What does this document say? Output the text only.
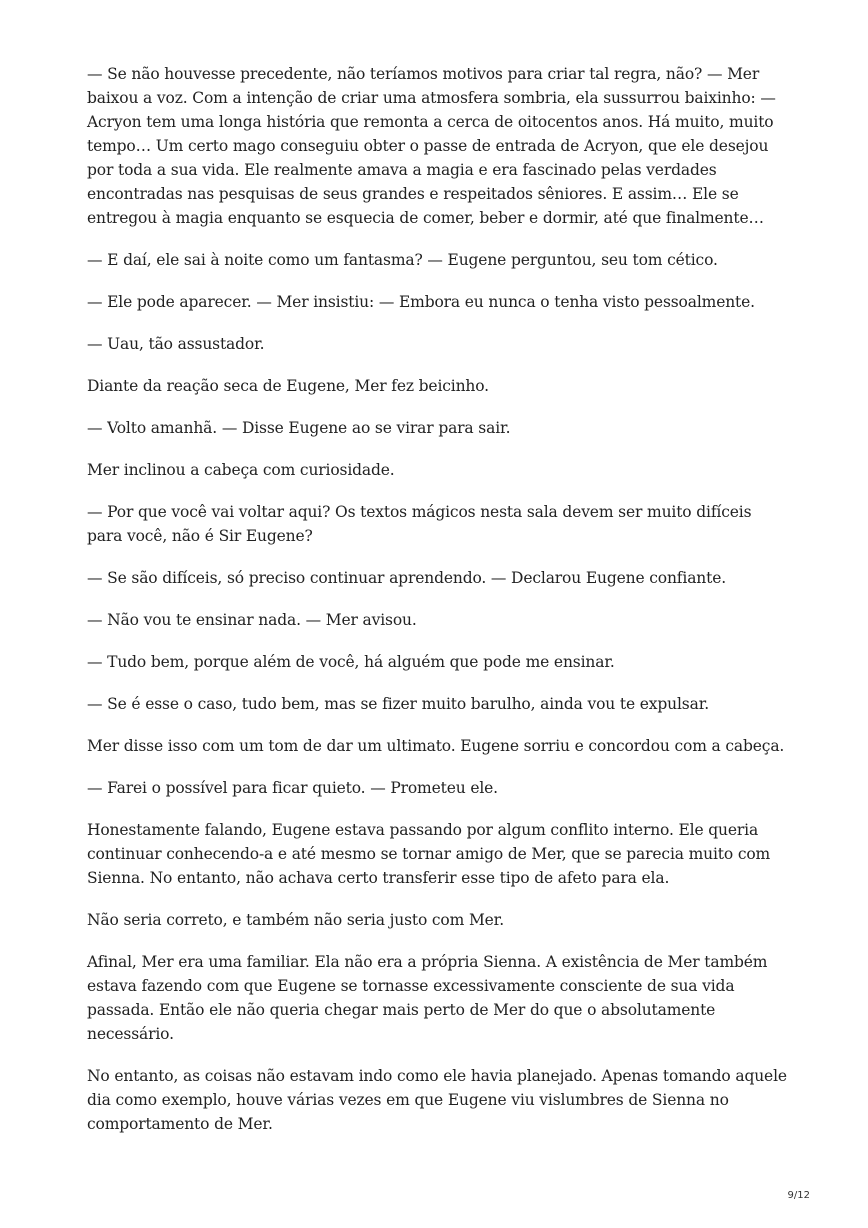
— Se não houvesse precedente, não teríamos motivos para criar tal regra, não? — Mer baixou a voz. Com a intenção de criar uma atmosfera sombria, ela sussurrou baixinho: — Acryon tem uma longa história que remonta a cerca de oitocentos anos. Há muito, muito tempo… Um certo mago conseguiu obter o passe de entrada de Acryon, que ele desejou por toda a sua vida. Ele realmente amava a magia e era fascinado pelas verdades encontradas nas pesquisas de seus grandes e respeitados sêniores. E assim… Ele se entregou à magia enquanto se esquecia de comer, beber e dormir, até que finalmente…

— E daí, ele sai à noite como um fantasma? — Eugene perguntou, seu tom cético.

— Ele pode aparecer. — Mer insistiu: — Embora eu nunca o tenha visto pessoalmente.

— Uau, tão assustador.

Diante da reação seca de Eugene, Mer fez beicinho.

— Volto amanhã. — Disse Eugene ao se virar para sair.

Mer inclinou a cabeça com curiosidade.

— Por que você vai voltar aqui? Os textos mágicos nesta sala devem ser muito difíceis para você, não é Sir Eugene?

— Se são difíceis, só preciso continuar aprendendo. — Declarou Eugene confiante.

— Não vou te ensinar nada. — Mer avisou.

— Tudo bem, porque além de você, há alguém que pode me ensinar.

— Se é esse o caso, tudo bem, mas se fizer muito barulho, ainda vou te expulsar.

Mer disse isso com um tom de dar um ultimato. Eugene sorriu e concordou com a cabeça.

— Farei o possível para ficar quieto. — Prometeu ele.

Honestamente falando, Eugene estava passando por algum conflito interno. Ele queria continuar conhecendo-a e até mesmo se tornar amigo de Mer, que se parecia muito com Sienna. No entanto, não achava certo transferir esse tipo de afeto para ela.

Não seria correto, e também não seria justo com Mer.

Afinal, Mer era uma familiar. Ela não era a própria Sienna. A existência de Mer também estava fazendo com que Eugene se tornasse excessivamente consciente de sua vida passada. Então ele não queria chegar mais perto de Mer do que o absolutamente necessário.

No entanto, as coisas não estavam indo como ele havia planejado. Apenas tomando aquele dia como exemplo, houve várias vezes em que Eugene viu vislumbres de Sienna no comportamento de Mer.

9/12
